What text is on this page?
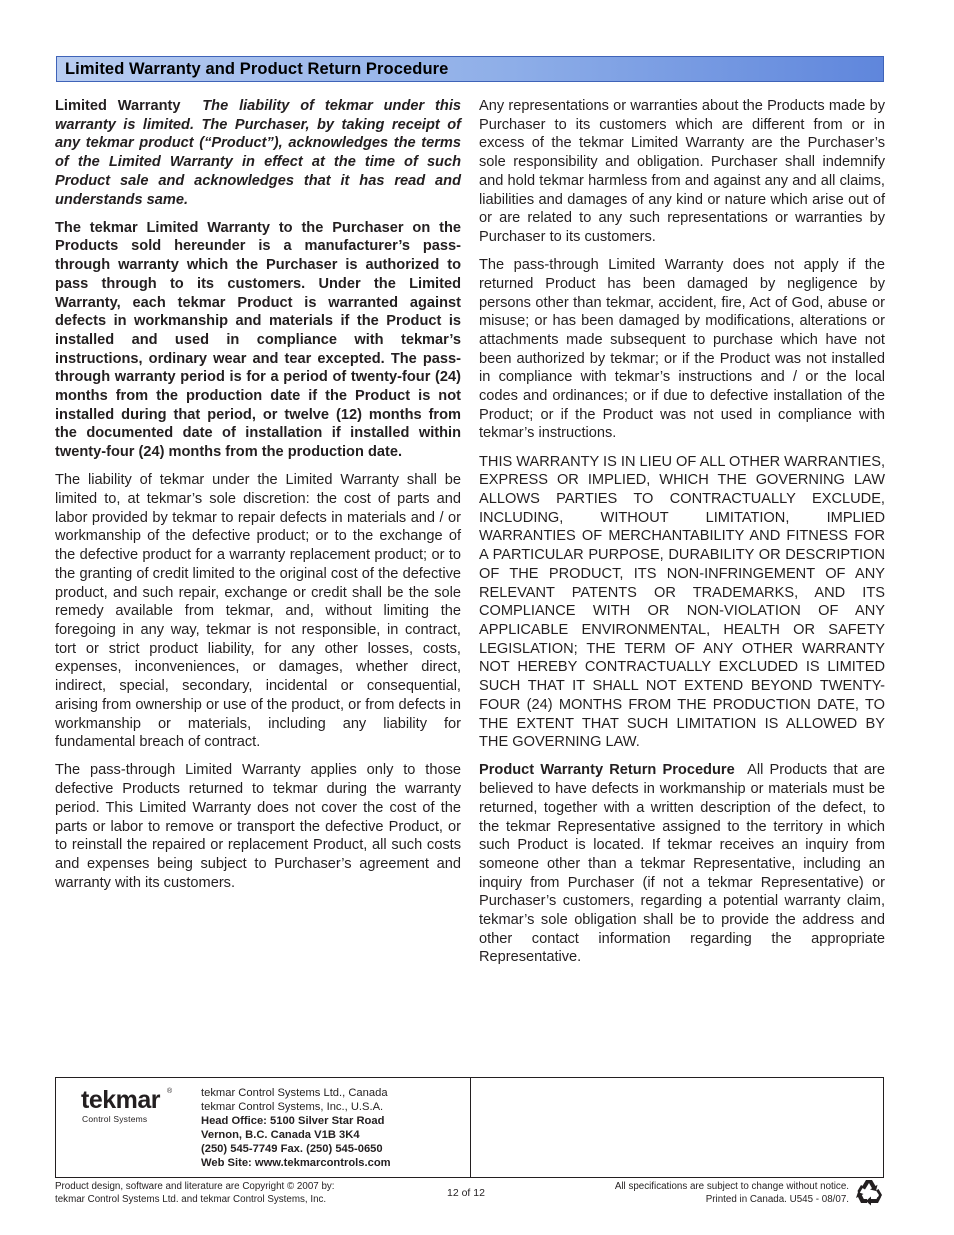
Limited Warranty and Product Return Procedure

Limited Warranty The liability of tekmar under this warranty is limited. The Purchaser, by taking receipt of any tekmar product (“Product”), acknowledges the terms of the Limited Warranty in effect at the time of such Product sale and acknowledges that it has read and understands same.

The tekmar Limited Warranty to the Purchaser on the Products sold hereunder is a manufacturer’s pass-through warranty which the Purchaser is authorized to pass through to its customers. Under the Limited Warranty, each tekmar Product is warranted against defects in workmanship and materials if the Product is installed and used in compliance with tekmar’s instructions, ordinary wear and tear excepted. The pass-through warranty period is for a period of twenty-four (24) months from the production date if the Product is not installed during that period, or twelve (12) months from the documented date of installation if installed within twenty-four (24) months from the production date.

The liability of tekmar under the Limited Warranty shall be limited to, at tekmar’s sole discretion: the cost of parts and labor provided by tekmar to repair defects in materials and / or workmanship of the defective product; or to the exchange of the defective product for a warranty replacement product; or to the granting of credit limited to the original cost of the defective product, and such repair, exchange or credit shall be the sole remedy available from tekmar, and, without limiting the foregoing in any way, tekmar is not responsible, in contract, tort or strict product liability, for any other losses, costs, expenses, inconveniences, or damages, whether direct, indirect, special, secondary, incidental or consequential, arising from ownership or use of the product, or from defects in workmanship or materials, including any liability for fundamental breach of contract.

The pass-through Limited Warranty applies only to those defective Products returned to tekmar during the warranty period. This Limited Warranty does not cover the cost of the parts or labor to remove or transport the defective Product, or to reinstall the repaired or replacement Product, all such costs and expenses being subject to Purchaser’s agreement and warranty with its customers.

Any representations or warranties about the Products made by Purchaser to its customers which are different from or in excess of the tekmar Limited Warranty are the Purchaser’s sole responsibility and obligation. Purchaser shall indemnify and hold tekmar harmless from and against any and all claims, liabilities and damages of any kind or nature which arise out of or are related to any such representations or warranties by Purchaser to its customers.

The pass-through Limited Warranty does not apply if the returned Product has been damaged by negligence by persons other than tekmar, accident, fire, Act of God, abuse or misuse; or has been damaged by modifications, alterations or attachments made subsequent to purchase which have not been authorized by tekmar; or if the Product was not installed in compliance with tekmar’s instructions and / or the local codes and ordinances; or if due to defective installation of the Product; or if the Product was not used in compliance with tekmar’s instructions.

THIS WARRANTY IS IN LIEU OF ALL OTHER WARRANTIES, EXPRESS OR IMPLIED, WHICH THE GOVERNING LAW ALLOWS PARTIES TO CONTRACTUALLY EXCLUDE, INCLUDING, WITHOUT LIMITATION, IMPLIED WARRANTIES OF MERCHANTABILITY AND FITNESS FOR A PARTICULAR PURPOSE, DURABILITY OR DESCRIPTION OF THE PRODUCT, ITS NON-INFRINGEMENT OF ANY RELEVANT PATENTS OR TRADEMARKS, AND ITS COMPLIANCE WITH OR NON-VIOLATION OF ANY APPLICABLE ENVIRONMENTAL, HEALTH OR SAFETY LEGISLATION; THE TERM OF ANY OTHER WARRANTY NOT HEREBY CONTRACTUALLY EXCLUDED IS LIMITED SUCH THAT IT SHALL NOT EXTEND BEYOND TWENTY-FOUR (24) MONTHS FROM THE PRODUCTION DATE, TO THE EXTENT THAT SUCH LIMITATION IS ALLOWED BY THE GOVERNING LAW.

Product Warranty Return Procedure All Products that are believed to have defects in workmanship or materials must be returned, together with a written description of the defect, to the tekmar Representative assigned to the territory in which such Product is located. If tekmar receives an inquiry from someone other than a tekmar Representative, including an inquiry from Purchaser (if not a tekmar Representative) or Purchaser’s customers, regarding a potential warranty claim, tekmar’s sole obligation shall be to provide the address and other contact information regarding the appropriate Representative.

tekmar ®
Control Systems
tekmar Control Systems Ltd., Canada
tekmar Control Systems, Inc., U.S.A.
Head Office: 5100 Silver Star Road
Vernon, B.C. Canada V1B 3K4
(250) 545-7749 Fax. (250) 545-0650
Web Site: www.tekmarcontrols.com
Product design, software and literature are Copyright © 2007 by:
tekmar Control Systems Ltd. and tekmar Control Systems, Inc.	12 of 12
All specifications are subject to change without notice.
Printed in Canada. U545 - 08/07.
